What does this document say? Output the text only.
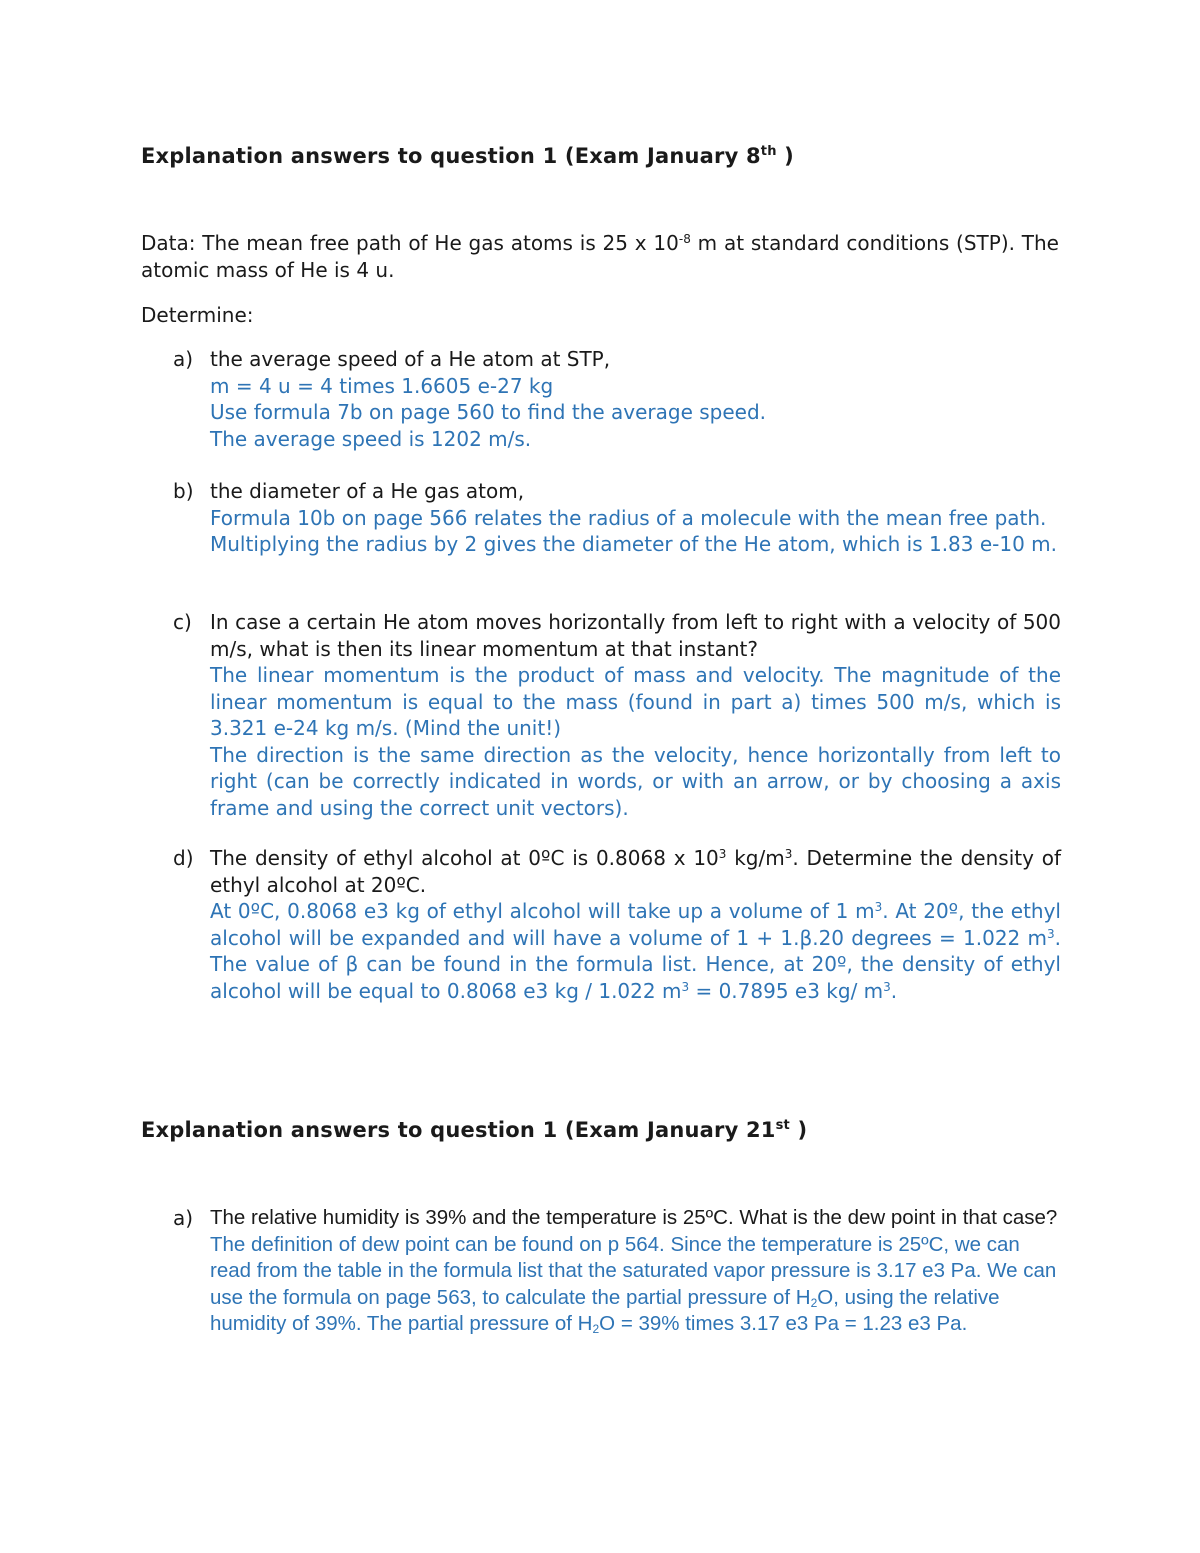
Explanation answers to question 1 (Exam January 8th )

Data: The mean free path of He gas atoms is 25 x $10^{-8}$ m at standard conditions (STP). The atomic mass of He is 4 u.

Determine:

a) the average speed of a He atom at STP,

m = 4 u = 4 times 1.6605 e-27 kg

Use formula 7b on page 560 to find the average speed.

The average speed is 1202 m/s.

b) the diameter of a He gas atom,

Formula 10b on page 566 relates the radius of a molecule with the mean free path. Multiplying the radius by 2 gives the diameter of the He atom, which is 1.83 e-10 m.

c) In case a certain He atom moves horizontally from left to right with a velocity of 500 m/s, what is then its linear momentum at that instant?

The linear momentum is the product of mass and velocity. The magnitude of the linear momentum is equal to the mass (found in part a) times 500 m/s, which is 3.321 e-24 kg m/s. (Mind the unit!)

The direction is the same direction as the velocity, hence horizontally from left to right (can be correctly indicated in words, or with an arrow, or by choosing a axis frame and using the correct unit vectors).

d) The density of ethyl alcohol at 0ºC is 0.8068 x $10^3$ $kg/m^3$. Determine the density of ethyl alcohol at 20ºC.

At 0ºC, 0.8068 e3 kg of ethyl alcohol will take up a volume of 1 $m^3$. At 20º, the ethyl alcohol will be expanded and will have a volume of 1 + 1.β.20 degrees = 1.022 $m^3$. The value of β can be found in the formula list. Hence, at 20º, the density of ethyl alcohol will be equal to 0.8068 e3 kg / 1.022 $m^3 = 0.7895$ e3 kg/ $m^3$.

Explanation answers to question 1 (Exam January 21st )
a) The relative humidity is 39% and the temperature is 25ºC. What is the dew point in that case?

The definition of dew point can be found on p 564. Since the temperature is 25ºC, we can read from the table in the formula list that the saturated vapor pressure is 3.17 e3 Pa. We can use the formula on page 563, to calculate the partial pressure of $H_2O$, using the relative humidity of 39%. The partial pressure of $H_2O = 39\%$ times 3.17 e3 Pa = 1.23 e3 Pa.
